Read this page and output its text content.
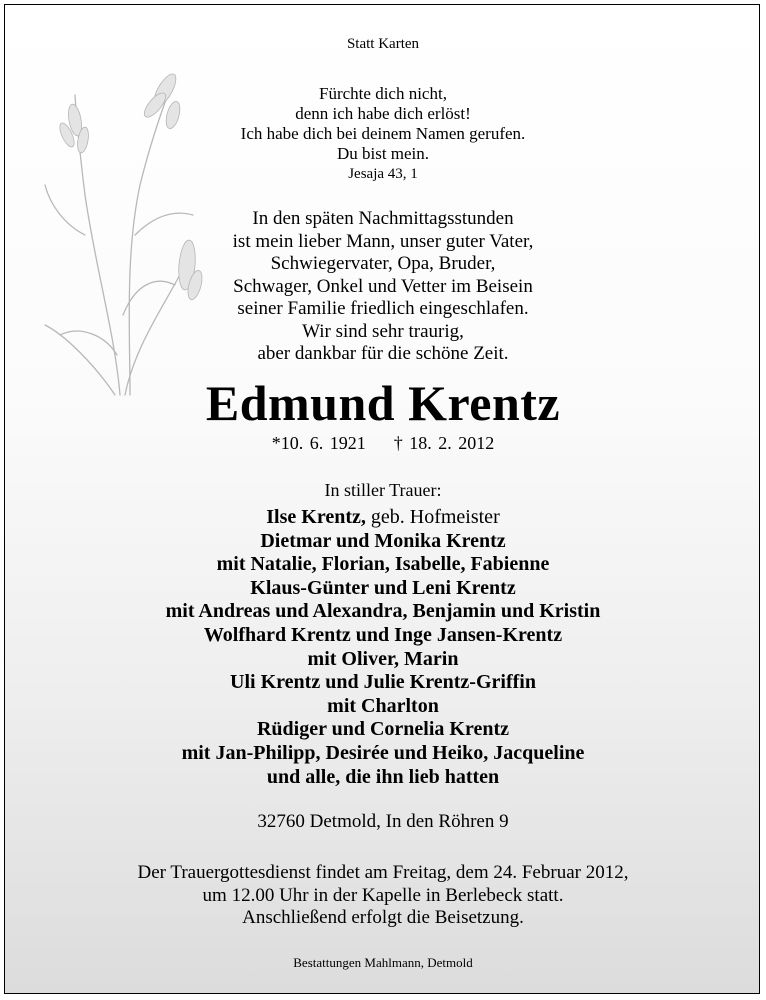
Statt Karten
Fürchte dich nicht,
denn ich habe dich erlöst!
Ich habe dich bei deinem Namen gerufen.
Du bist mein.
Jesaja 43, 1
In den späten Nachmittagsstunden
ist mein lieber Mann, unser guter Vater,
Schwiegervater, Opa, Bruder,
Schwager, Onkel und Vetter im Beisein
seiner Familie friedlich eingeschlafen.
Wir sind sehr traurig,
aber dankbar für die schöne Zeit.
Edmund Krentz
*10. 6. 1921 † 18. 2. 2012
In stiller Trauer:
Ilse Krentz, geb. Hofmeister
Dietmar und Monika Krentz
mit Natalie, Florian, Isabelle, Fabienne
Klaus-Günter und Leni Krentz
mit Andreas und Alexandra, Benjamin und Kristin
Wolfhard Krentz und Inge Jansen-Krentz
mit Oliver, Marin
Uli Krentz und Julie Krentz-Griffin
mit Charlton
Rüdiger und Cornelia Krentz
mit Jan-Philipp, Desirée und Heiko, Jacqueline
und alle, die ihn lieb hatten
32760 Detmold, In den Röhren 9
Der Trauergottesdienst findet am Freitag, dem 24. Februar 2012,
um 12.00 Uhr in der Kapelle in Berlebeck statt.
Anschließend erfolgt die Beisetzung.
Bestattungen Mahlmann, Detmold
